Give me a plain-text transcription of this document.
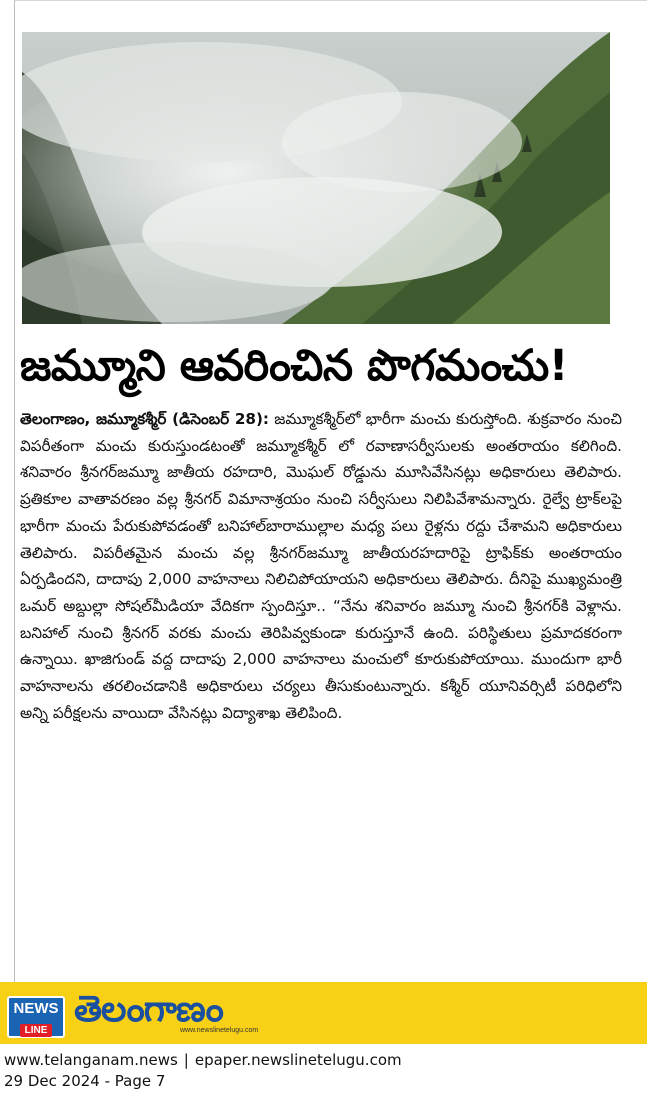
జమ్మూని ఆవరించిన పొగమంచు!
తెలంగాణం, జమ్మూకశ్మీర్ (డిసెంబర్ 28): జమ్మూకశ్మీర్‌లో భారీగా మంచు కురుస్తోంది. శుక్రవారం నుంచి విపరీతంగా మంచు కురుస్తుండటంతో జమ్మూకశ్మీర్ లో రవాణాసర్వీసులకు అంతరాయం కలిగింది. శనివారం శ్రీనగర్‌జమ్మూ జాతీయ రహదారి, మొఘల్ రోడ్డును మూసివేసినట్లు అధికారులు తెలిపారు. ప్రతికూల వాతావరణం వల్ల శ్రీనగర్ విమానాశ్రయం నుంచి సర్వీసులు నిలిపివేశామన్నారు. రైల్వే ట్రాక్‌లపై భారీగా మంచు పేరుకుపోవడంతో బనిహాల్‌బారాముల్లాల మధ్య పలు రైళ్లను రద్దు చేశామని అధికారులు తెలిపారు. విపరీతమైన మంచు వల్ల శ్రీనగర్‌జమ్మూ జాతీయరహదారిపై ట్రాఫిక్‌కు అంతరాయం ఏర్పడిందని, దాదాపు 2,000 వాహనాలు నిలిచిపోయాయని అధికారులు తెలిపారు. దీనిపై ముఖ్యమంత్రి ఒమర్ అబ్దుల్లా సోషల్‌మీడియా వేదికగా స్పందిస్తూ.. “నేను శనివారం జమ్మూ నుంచి శ్రీనగర్‌కి వెళ్లాను. బనిహాల్ నుంచి శ్రీనగర్ వరకు మంచు తెరిపివ్వకుండా కురుస్తూనే ఉంది. పరిస్థితులు ప్రమాదకరంగా ఉన్నాయి. ఖాజిగుండ్ వద్ద దాదాపు 2,000 వాహనాలు మంచులో కూరుకుపోయాయి. ముందుగా భారీ వాహనాలను తరలించడానికి అధికారులు చర్యలు తీసుకుంటున్నారు. కశ్మీర్ యూనివర్సిటీ పరిధిలోని అన్ని పరీక్షలను వాయిదా వేసినట్లు విద్యాశాఖ తెలిపింది.
NEWS
LINE
తెలంగాణం
www.newslinetelugu.com
www.telanganam.news | epaper.newslinetelugu.com
29 Dec 2024 - Page 7
